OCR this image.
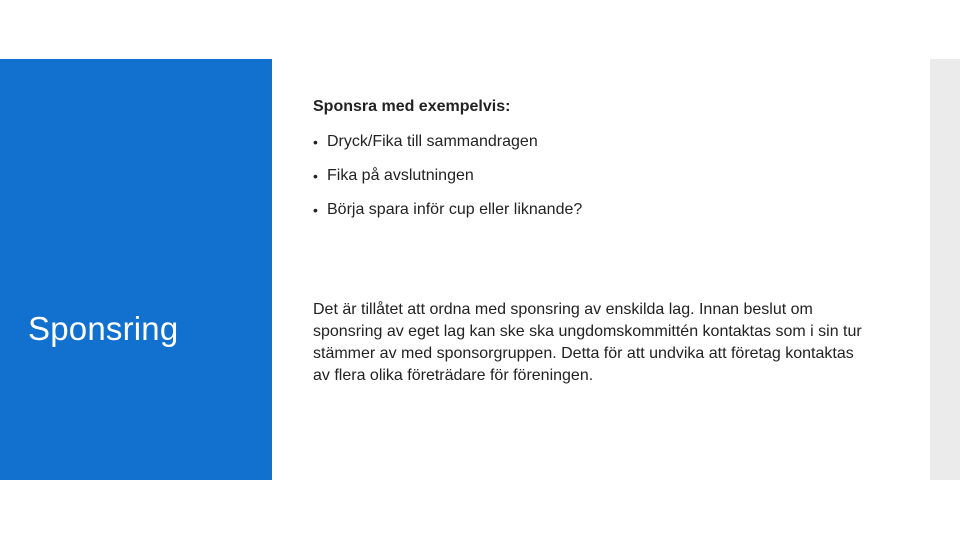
Sponsring

Sponsra med exempelvis:

• Dryck/Fika till sammandragen
• Fika på avslutningen
• Börja spara inför cup eller liknande?

Det är tillåtet att ordna med sponsring av enskilda lag. Innan beslut om sponsring av eget lag kan ske ska ungdomskommittén kontaktas som i sin tur stämmer av med sponsorgruppen. Detta för att undvika att företag kontaktas av flera olika företrädare för föreningen.
